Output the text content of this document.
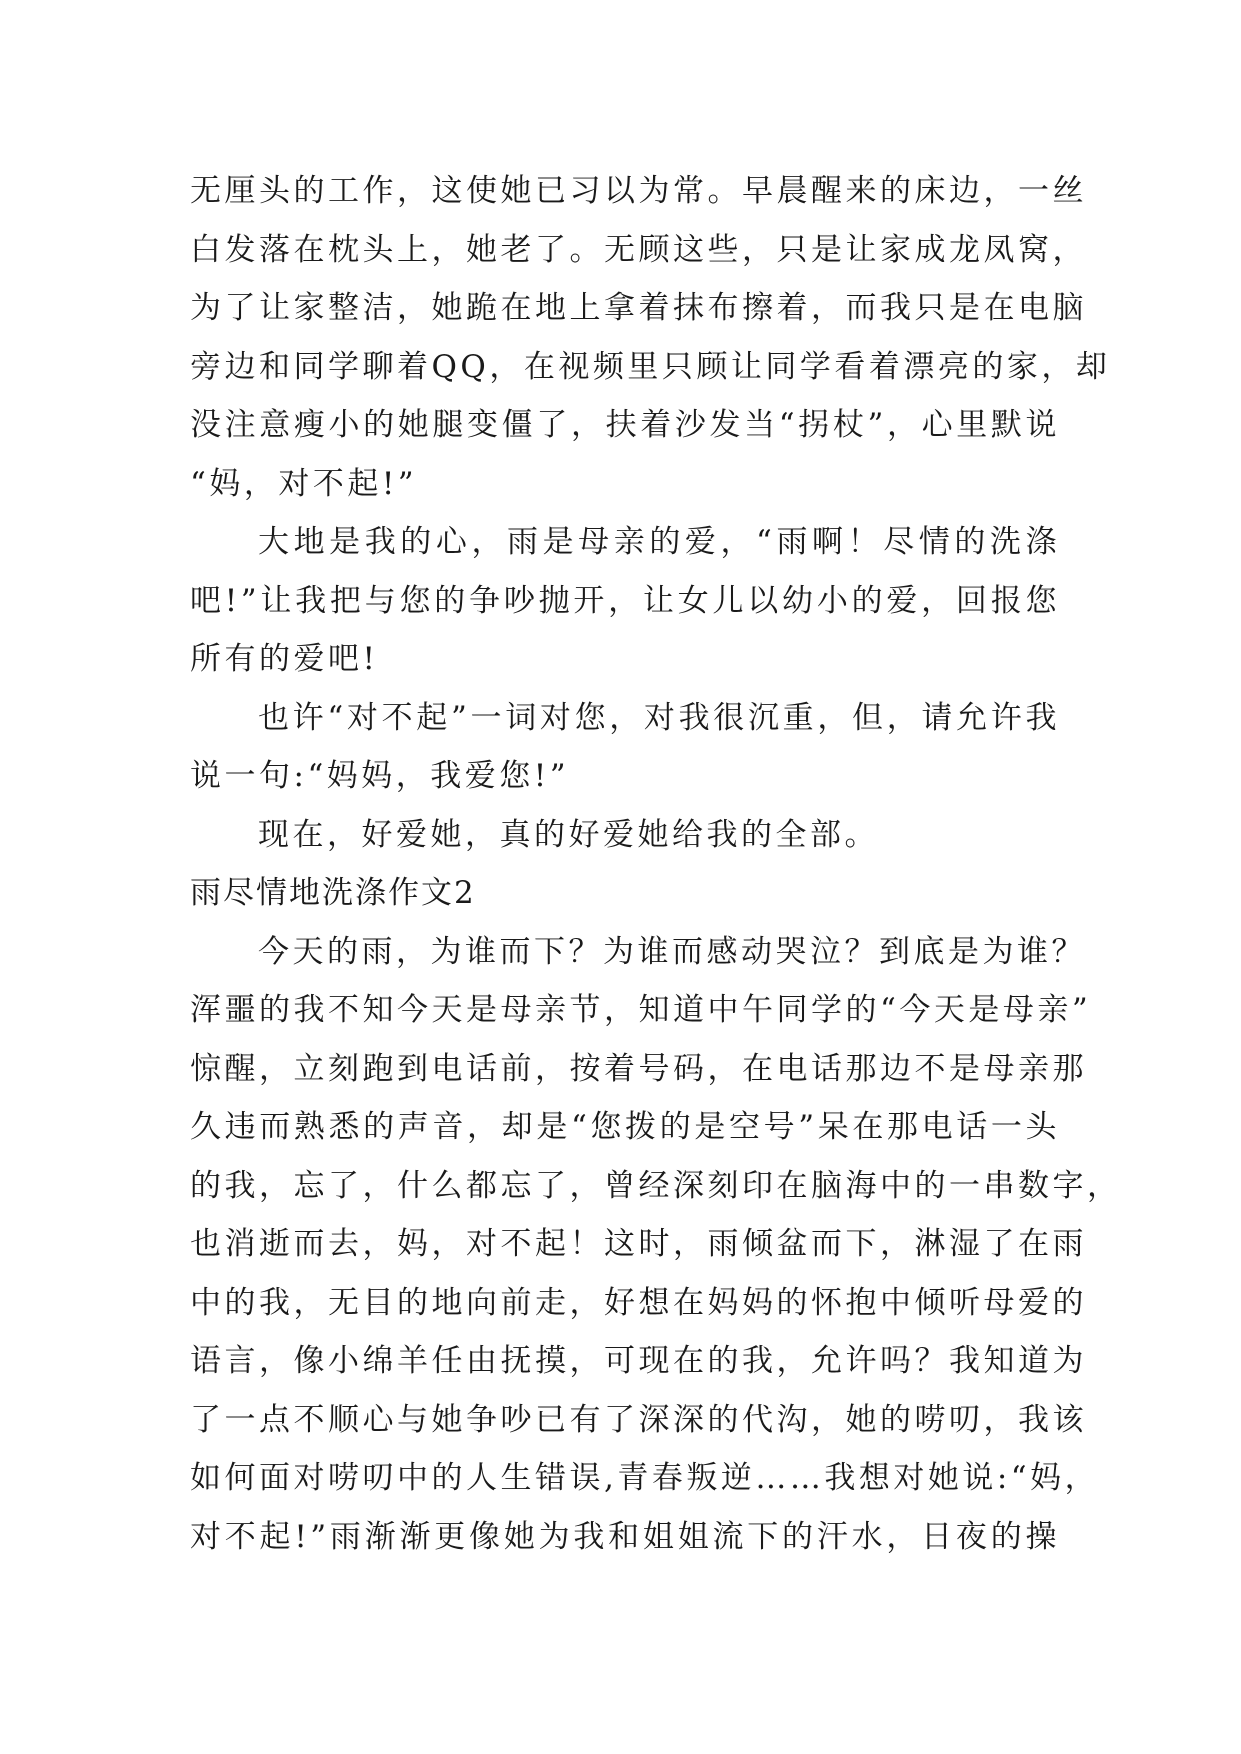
无厘头的工作，这使她已习以为常。早晨醒来的床边，一丝
白发落在枕头上，她老了。无顾这些，只是让家成龙凤窝，
为了让家整洁，她跪在地上拿着抹布擦着，而我只是在电脑
旁边和同学聊着QQ，在视频里只顾让同学看着漂亮的家，却
没注意瘦小的她腿变僵了，扶着沙发当“拐杖”，心里默说
“妈，对不起!”
大地是我的心，雨是母亲的爱，“雨啊！尽情的洗涤
吧!”让我把与您的争吵抛开，让女儿以幼小的爱，回报您
所有的爱吧!
也许“对不起”一词对您，对我很沉重，但，请允许我
说一句:“妈妈，我爱您!”
现在，好爱她，真的好爱她给我的全部。
雨尽情地洗涤作文2
今天的雨，为谁而下？为谁而感动哭泣？到底是为谁？
浑噩的我不知今天是母亲节，知道中午同学的“今天是母亲”
惊醒，立刻跑到电话前，按着号码，在电话那边不是母亲那
久违而熟悉的声音，却是“您拨的是空号”呆在那电话一头
的我，忘了，什么都忘了，曾经深刻印在脑海中的一串数字，
也消逝而去，妈，对不起！这时，雨倾盆而下，淋湿了在雨
中的我，无目的地向前走，好想在妈妈的怀抱中倾听母爱的
语言，像小绵羊任由抚摸，可现在的我，允许吗？我知道为
了一点不顺心与她争吵已有了深深的代沟，她的唠叨，我该
如何面对唠叨中的人生错误,青春叛逆……我想对她说:“妈，
对不起!”雨渐渐更像她为我和姐姐流下的汗水，日夜的操
